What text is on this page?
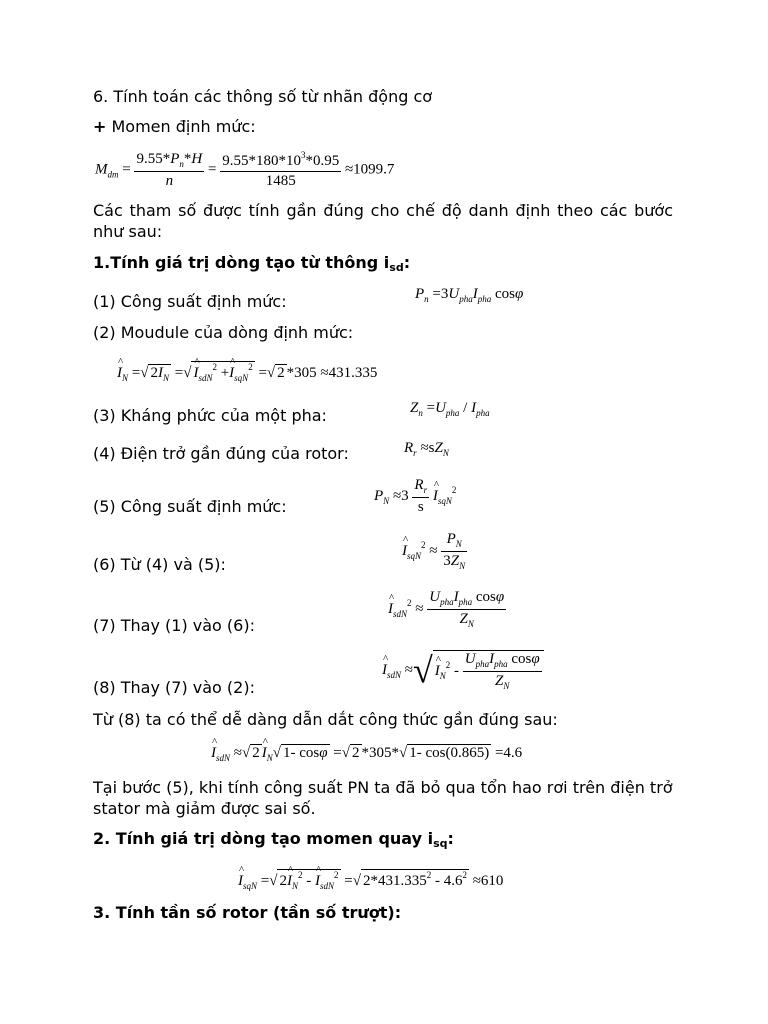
6. Tính toán các thông số từ nhãn động cơ
+ Momen định mức:
$M_{dm} = \frac{9.55*P_n*H}{n} = \frac{9.55*180*10^3*0.95}{1485} \approx 1099.7$
Các tham số được tính gần đúng cho chế độ danh định theo các bước như sau:
1.Tính giá trị dòng tạo từ thông $i_{sd}$:
(1) Công suất định mức:	$P_n =3U_{pha}I_{pha}$ cosφ
(2) Moudule của dòng định mức:
^ $I_N$ =√ $2I_N$ =√ ^ $I_{sdN}^2$ +^ $I_{sqN}^2$ =√ 2 *305 ≈431.335
(3) Kháng phức của một pha:	$Z_n =U_{pha} / I_{pha}$
(4) Điện trở gần đúng của rotor:	$R_r \approx sZ_N$
(5) Công suất định mức:
$P_N \approx 3 \frac{R_r}{s}$ ^ $I_{sqN}^2$
(6) Từ (4) và (5):
^ $I_{sqN}^2 \approx \frac{P_N}{3Z_N}$
(7) Thay (1) vào (6):
^ $I_{sdN}^2 \approx \frac{U_{pha}I_{pha} \cos\varphi}{Z_N}$
(8) Thay (7) vào (2):
^ $I_{sdN}$ ≈√ ^ $I_N^2 - \frac{U_{pha}I_{pha} \cos\varphi}{Z_N}$
Từ (8) ta có thể dễ dàng dẫn dắt công thức gần đúng sau:
^ $I_{sdN}$ ≈√ 2 ^ $I_N√$ 1- cosφ =√ 2 *305*√ 1- cos(0.865) =4.6
Tại bước (5), khi tính công suất PN ta đã bỏ qua tổn hao rơi trên điện trở stator mà giảm được sai số.
2. Tính giá trị dòng tạo momen quay $i_{sq}$:
^ $I_{sqN}$ =√ 2^ $I_N^2$ - ^ $I_{sdN}^2$ =√ $2*431.335^2 - 4.6^2 \approx 610$
3. Tính tần số rotor (tần số trượt):
